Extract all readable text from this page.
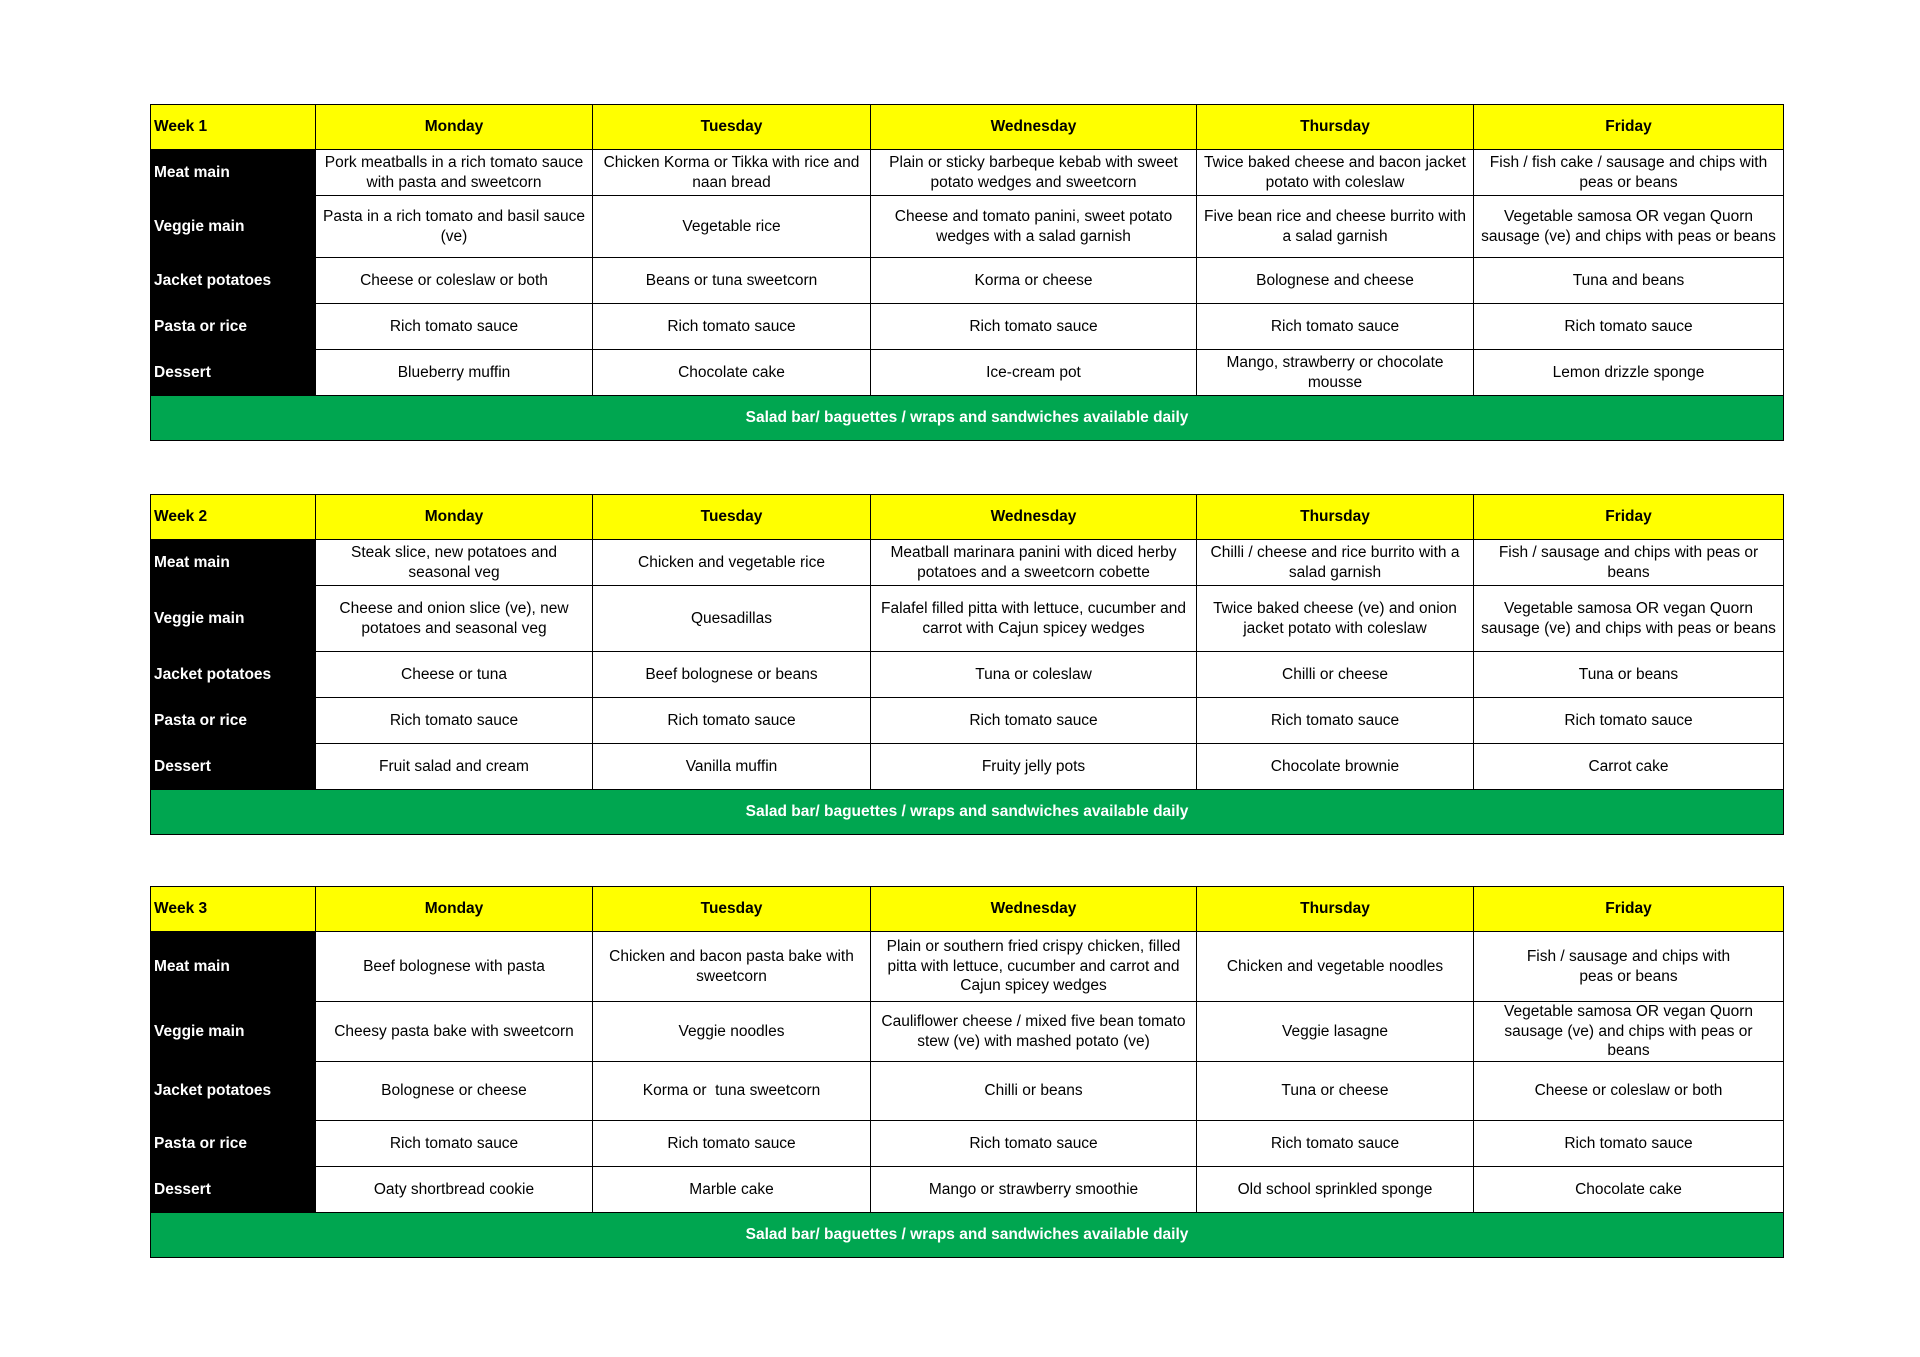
Week 1	Monday	Tuesday	Wednesday	Thursday	Friday
Meat main	Pork meatballs in a rich tomato sauce with pasta and sweetcorn	Chicken Korma or Tikka with rice and naan bread	Plain or sticky barbeque kebab with sweet potato wedges and sweetcorn	Twice baked cheese and bacon jacket potato with coleslaw	Fish / fish cake / sausage and chips with peas or beans
Veggie main	Pasta in a rich tomato and basil sauce (ve)	Vegetable rice	Cheese and tomato panini, sweet potato wedges with a salad garnish	Five bean rice and cheese burrito with a salad garnish	Vegetable samosa OR vegan Quorn sausage (ve) and chips with peas or beans
Jacket potatoes	Cheese or coleslaw or both	Beans or tuna sweetcorn	Korma or cheese	Bolognese and cheese	Tuna and beans
Pasta or rice	Rich tomato sauce	Rich tomato sauce	Rich tomato sauce	Rich tomato sauce	Rich tomato sauce
Dessert	Blueberry muffin	Chocolate cake	Ice-cream pot	Mango, strawberry or chocolate mousse	Lemon drizzle sponge
Salad bar/ baguettes / wraps and sandwiches available daily					
Week 2	Monday	Tuesday	Wednesday	Thursday	Friday
Meat main	Steak slice, new potatoes and seasonal veg	Chicken and vegetable rice	Meatball marinara panini with diced herby potatoes and a sweetcorn cobette	Chilli / cheese and rice burrito with a salad garnish	Fish / sausage and chips with peas or beans
Veggie main	Cheese and onion slice (ve), new potatoes and seasonal veg	Quesadillas	Falafel filled pitta with lettuce, cucumber and carrot with Cajun spicey wedges	Twice baked cheese (ve) and onion jacket potato with coleslaw	Vegetable samosa OR vegan Quorn sausage (ve) and chips with peas or beans
Jacket potatoes	Cheese or tuna	Beef bolognese or beans	Tuna or coleslaw	Chilli or cheese	Tuna or beans
Pasta or rice	Rich tomato sauce	Rich tomato sauce	Rich tomato sauce	Rich tomato sauce	Rich tomato sauce
Dessert	Fruit salad and cream	Vanilla muffin	Fruity jelly pots	Chocolate brownie	Carrot cake
Salad bar/ baguettes / wraps and sandwiches available daily					
Week 3	Monday	Tuesday	Wednesday	Thursday	Friday
Meat main	Beef bolognese with pasta	Chicken and bacon pasta bake with sweetcorn	Plain or southern fried crispy chicken, filled pitta with lettuce, cucumber and carrot and Cajun spicey wedges	Chicken and vegetable noodles	Fish / sausage and chips with peas or beans
Veggie main	Cheesy pasta bake with sweetcorn	Veggie noodles	Cauliflower cheese / mixed five bean tomato stew (ve) with mashed potato (ve)	Veggie lasagne	Vegetable samosa OR vegan Quorn sausage (ve) and chips with peas or beans
Jacket potatoes	Bolognese or cheese	Korma or  tuna sweetcorn	Chilli or beans	Tuna or cheese	Cheese or coleslaw or both
Pasta or rice	Rich tomato sauce	Rich tomato sauce	Rich tomato sauce	Rich tomato sauce	Rich tomato sauce
Dessert	Oaty shortbread cookie	Marble cake	Mango or strawberry smoothie	Old school sprinkled sponge	Chocolate cake
Salad bar/ baguettes / wraps and sandwiches available daily					
